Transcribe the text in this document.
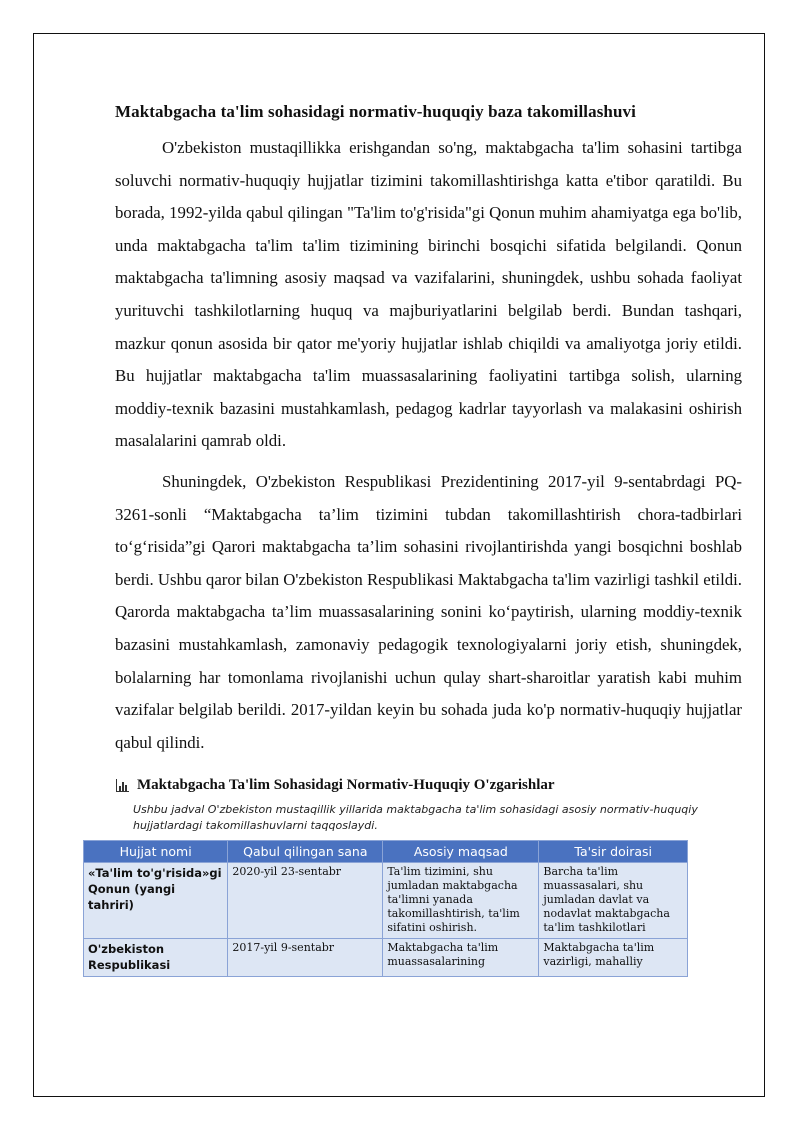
Maktabgacha ta'lim sohasidagi normativ-huquqiy baza takomillashuvi

O'zbekiston mustaqillikka erishgandan so'ng, maktabgacha ta'lim sohasini tartibga soluvchi normativ-huquqiy hujjatlar tizimini takomillashtirishga katta e'tibor qaratildi. Bu borada, 1992-yilda qabul qilingan "Ta'lim to'g'risida"gi Qonun muhim ahamiyatga ega bo'lib, unda maktabgacha ta'lim ta'lim tizimining birinchi bosqichi sifatida belgilandi. Qonun maktabgacha ta'limning asosiy maqsad va vazifalarini, shuningdek, ushbu sohada faoliyat yurituvchi tashkilotlarning huquq va majburiyatlarini belgilab berdi. Bundan tashqari, mazkur qonun asosida bir qator me'yoriy hujjatlar ishlab chiqildi va amaliyotga joriy etildi. Bu hujjatlar maktabgacha ta'lim muassasalarining faoliyatini tartibga solish, ularning moddiy-texnik bazasini mustahkamlash, pedagog kadrlar tayyorlash va malakasini oshirish masalalarini qamrab oldi.

Shuningdek, O'zbekiston Respublikasi Prezidentining 2017-yil 9-sentabrdagi PQ-3261-sonli “Maktabgacha ta’lim tizimini tubdan takomillashtirish chora-tadbirlari to‘g‘risida”gi Qarori maktabgacha ta’lim sohasini rivojlantirishda yangi bosqichni boshlab berdi. Ushbu qaror bilan O'zbekiston Respublikasi Maktabgacha ta'lim vazirligi tashkil etildi. Qarorda maktabgacha ta’lim muassasalarining sonini ko‘paytirish, ularning moddiy-texnik bazasini mustahkamlash, zamonaviy pedagogik texnologiyalarni joriy etish, shuningdek, bolalarning har tomonlama rivojlanishi uchun qulay shart-sharoitlar yaratish kabi muhim vazifalar belgilab berildi. 2017-yildan keyin bu sohada juda ko'p normativ-huquqiy hujjatlar qabul qilindi.

Maktabgacha Ta'lim Sohasidagi Normativ-Huquqiy O'zgarishlar
Ushbu jadval O'zbekiston mustaqillik yillarida maktabgacha ta'lim sohasidagi asosiy normativ-huquqiy hujjatlardagi takomillashuvlarni taqqoslaydi.
Hujjat nomi	Qabul qilingan sana	Asosiy maqsad	Ta'sir doirasi
«Ta'lim to'g'risida»gi Qonun (yangi tahriri)	2020-yil 23-sentabr	Ta'lim tizimini, shu jumladan maktabgacha ta'limni yanada takomillashtirish, ta'lim sifatini oshirish.	Barcha ta'lim muassasalari, shu jumladan davlat va nodavlat maktabgacha ta'lim tashkilotlari
O'zbekiston Respublikasi	2017-yil 9-sentabr	Maktabgacha ta'lim muassasalarining	Maktabgacha ta'lim vazirligi, mahalliy
